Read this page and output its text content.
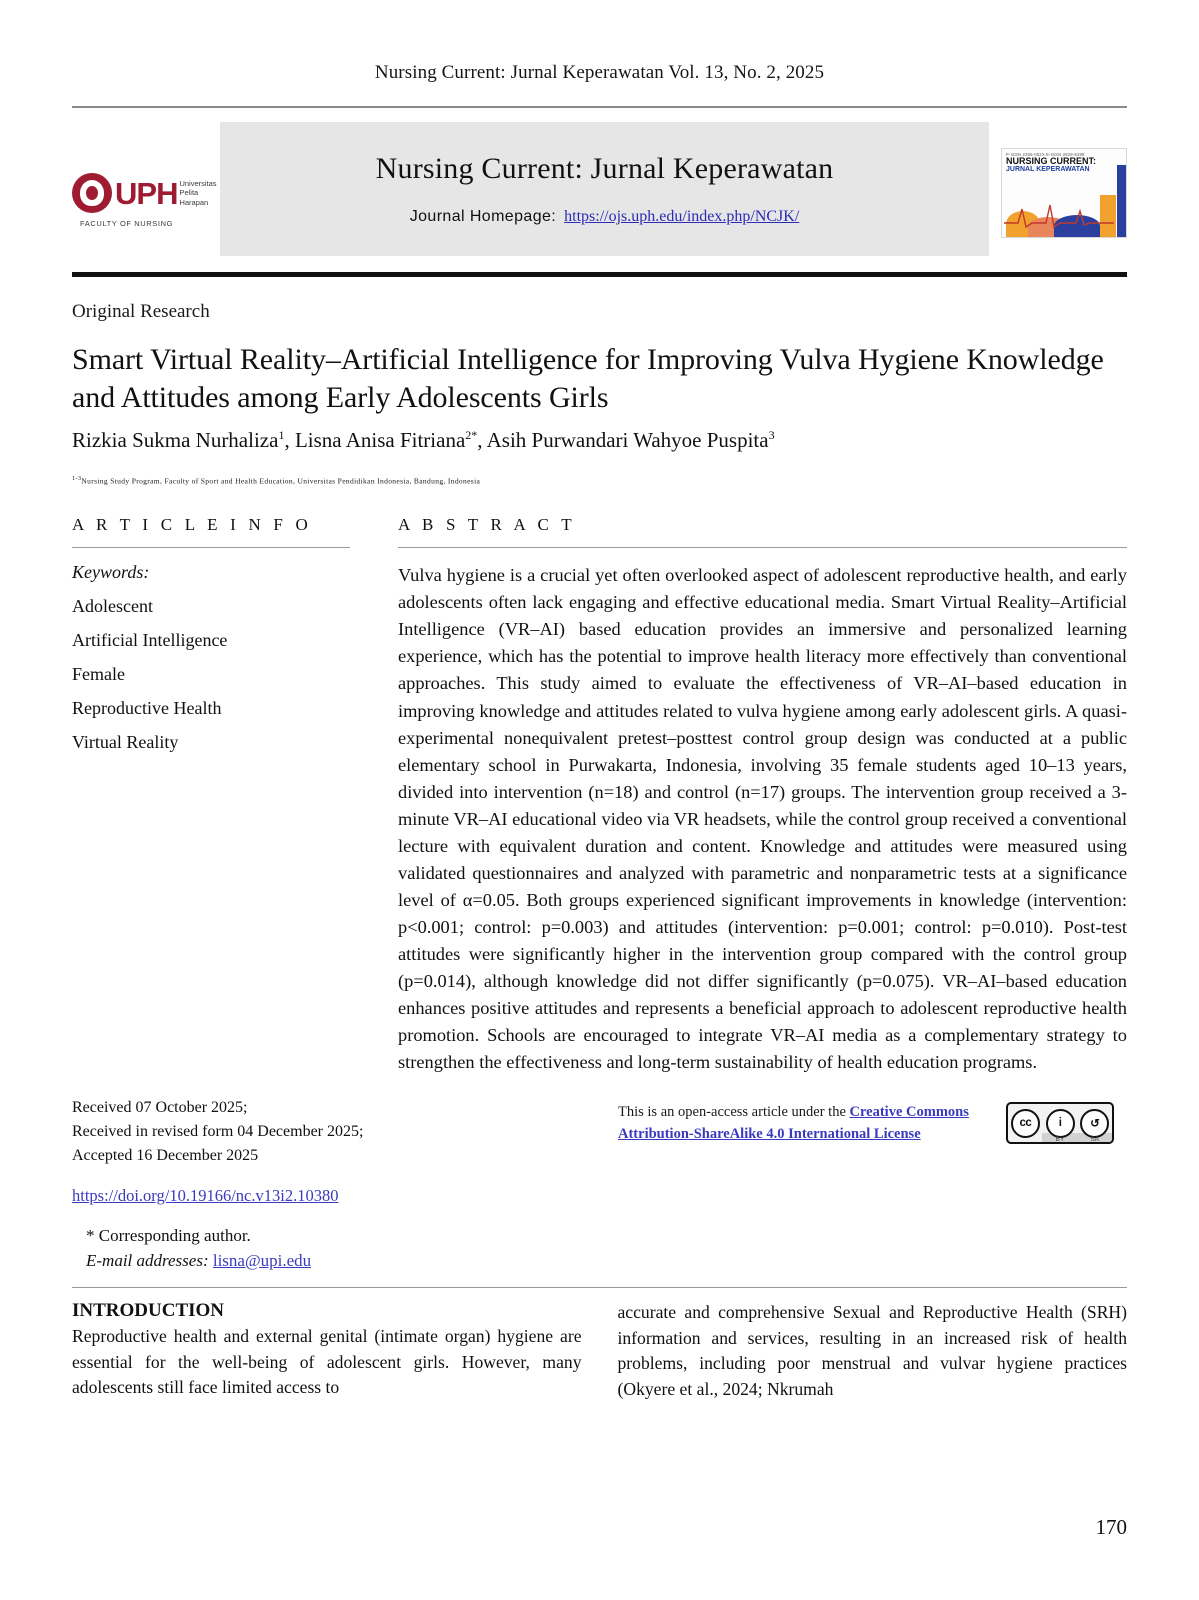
Nursing Current: Jurnal Keperawatan Vol. 13, No. 2, 2025
UPH Universitas
Pelita
Harapan
FACULTY OF NURSING
Nursing Current: Jurnal Keperawatan
Journal Homepage: https://ojs.uph.edu/index.php/NCJK/
P-ISSN 2355-052X E-ISSN 2829-9299
NURSING CURRENT:
JURNAL KEPERAWATAN
Original Research
Smart Virtual Reality–Artificial Intelligence for Improving Vulva Hygiene Knowledge and Attitudes among Early Adolescents Girls
Rizkia Sukma Nurhaliza$^1$, Lisna Anisa Fitriana$^{2*}$, Asih Purwandari Wahyoe Puspita$^3$
$^{1-3}$Nursing Study Program, Faculty of Sport and Health Education, Universitas Pendidikan Indonesia, Bandung, Indonesia
A R T I C L E I N F O
Keywords:
Adolescent
Artificial Intelligence
Female
Reproductive Health
Virtual Reality
A B S T R A C T
Vulva hygiene is a crucial yet often overlooked aspect of adolescent reproductive health, and early adolescents often lack engaging and effective educational media. Smart Virtual Reality–Artificial Intelligence (VR–AI) based education provides an immersive and personalized learning experience, which has the potential to improve health literacy more effectively than conventional approaches. This study aimed to evaluate the effectiveness of VR–AI–based education in improving knowledge and attitudes related to vulva hygiene among early adolescent girls. A quasi-experimental nonequivalent pretest–posttest control group design was conducted at a public elementary school in Purwakarta, Indonesia, involving 35 female students aged 10–13 years, divided into intervention (n=18) and control (n=17) groups. The intervention group received a 3-minute VR–AI educational video via VR headsets, while the control group received a conventional lecture with equivalent duration and content. Knowledge and attitudes were measured using validated questionnaires and analyzed with parametric and nonparametric tests at a significance level of α=0.05. Both groups experienced significant improvements in knowledge (intervention: p<0.001; control: p=0.003) and attitudes (intervention: p=0.001; control: p=0.010). Post-test attitudes were significantly higher in the intervention group compared with the control group (p=0.014), although knowledge did not differ significantly (p=0.075). VR–AI–based education enhances positive attitudes and represents a beneficial approach to adolescent reproductive health promotion. Schools are encouraged to integrate VR–AI media as a complementary strategy to strengthen the effectiveness and long-term sustainability of health education programs.
Received 07 October 2025;
Received in revised form 04 December 2025;
Accepted 16 December 2025
https://doi.org/10.19166/nc.v13i2.10380
* Corresponding author.
E-mail addresses: lisna@upi.edu
This is an open-access article under the Creative Commons Attribution-ShareAlike 4.0 International License
cc	i
BY
↺
SA
INTRODUCTION
Reproductive health and external genital (intimate organ) hygiene are essential for the well-being of adolescent girls. However, many adolescents still face limited access to
accurate and comprehensive Sexual and Reproductive Health (SRH) information and services, resulting in an increased risk of health problems, including poor menstrual and vulvar hygiene practices (Okyere et al., 2024; Nkrumah
170
